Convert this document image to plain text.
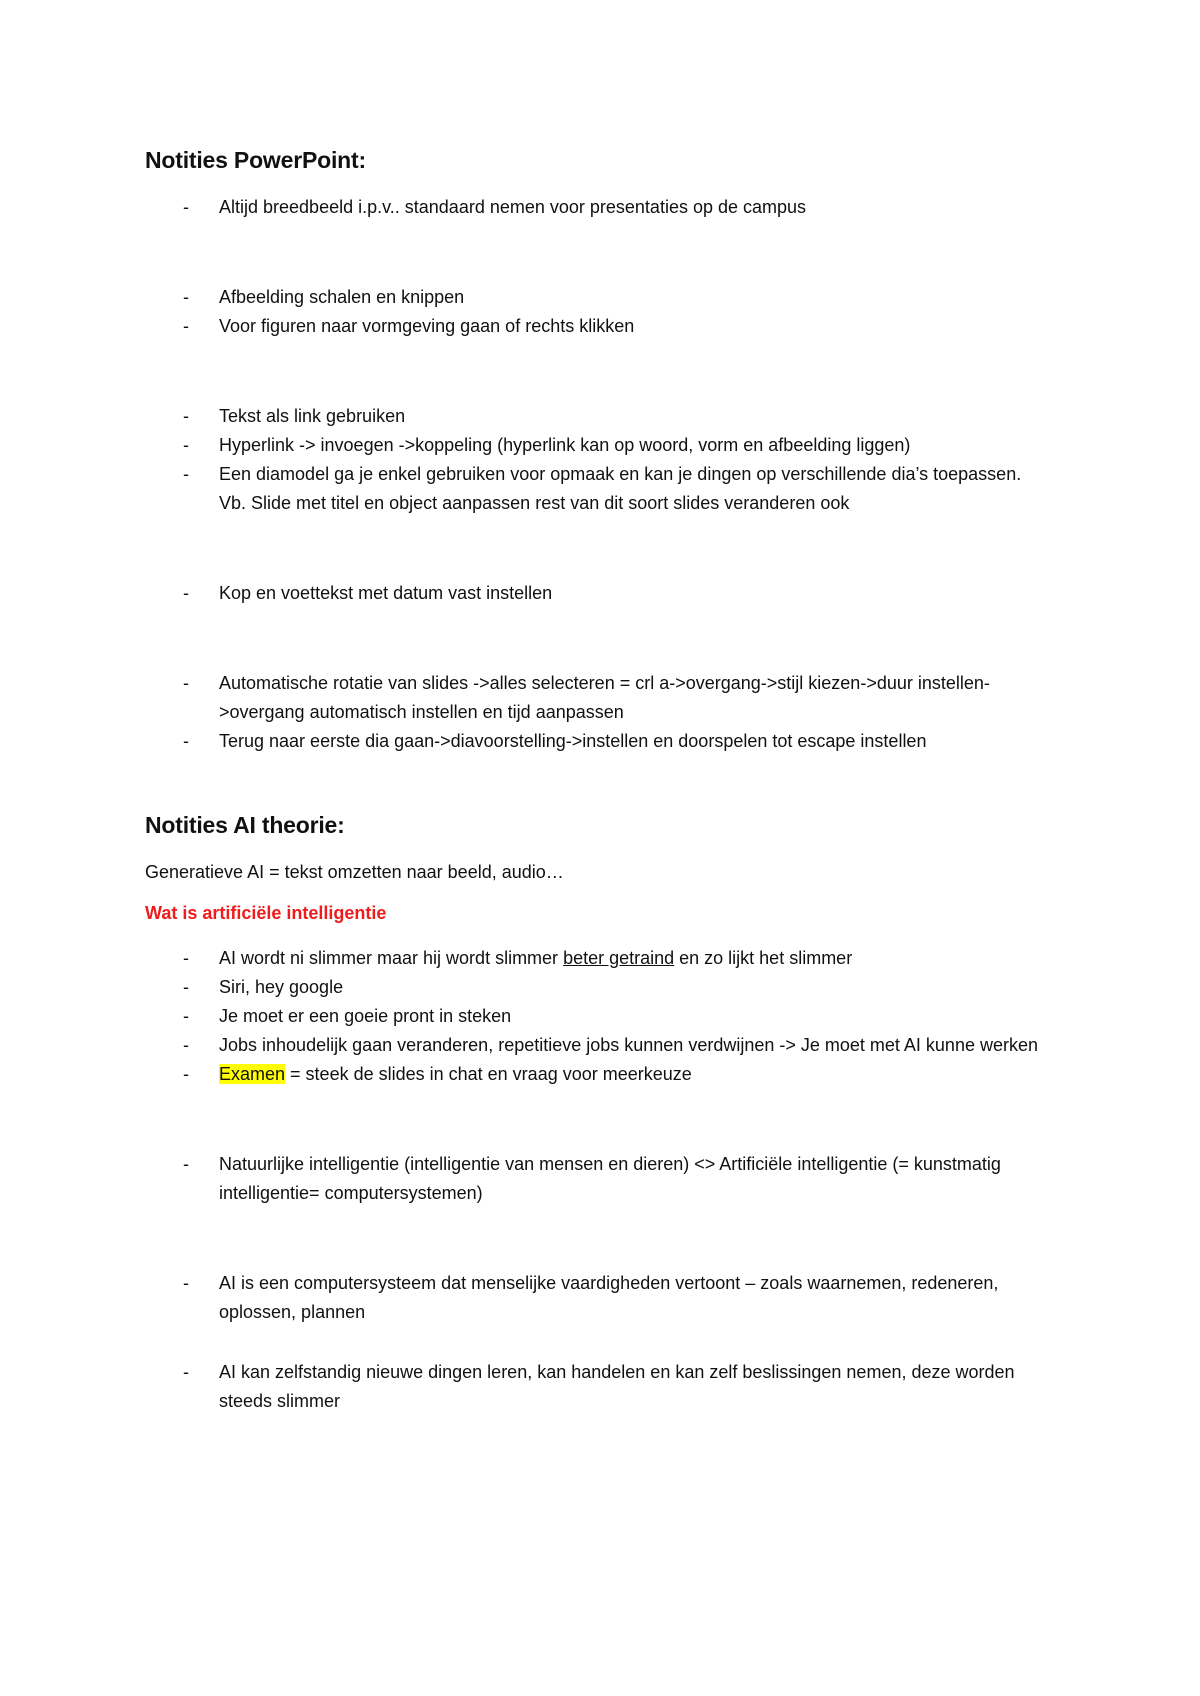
Notities PowerPoint:
- Altijd breedbeeld i.p.v.. standaard nemen voor presentaties op de campus
- Afbeelding schalen en knippen
- Voor figuren naar vormgeving gaan of rechts klikken
- Tekst als link gebruiken
- Hyperlink -> invoegen ->koppeling (hyperlink kan op woord, vorm en afbeelding liggen)
- Een diamodel ga je enkel gebruiken voor opmaak en kan je dingen op verschillende dia’s toepassen. Vb. Slide met titel en object aanpassen rest van dit soort slides veranderen ook
- Kop en voettekst met datum vast instellen
- Automatische rotatie van slides ->alles selecteren = crl a->overgang->stijl kiezen->duur instellen->overgang automatisch instellen en tijd aanpassen
- Terug naar eerste dia gaan->diavoorstelling->instellen en doorspelen tot escape instellen
Notities AI theorie:

Generatieve AI = tekst omzetten naar beeld, audio…

Wat is artificiële intelligentie

- AI wordt ni slimmer maar hij wordt slimmer beter getraind en zo lijkt het slimmer
- Siri, hey google
- Je moet er een goeie pront in steken
- Jobs inhoudelijk gaan veranderen, repetitieve jobs kunnen verdwijnen -> Je moet met AI kunne werken
- Examen = steek de slides in chat en vraag voor meerkeuze
- Natuurlijke intelligentie (intelligentie van mensen en dieren) <> Artificiële intelligentie (= kunstmatig intelligentie= computersystemen)
- AI is een computersysteem dat menselijke vaardigheden vertoont – zoals waarnemen, redeneren, oplossen, plannen
- AI kan zelfstandig nieuwe dingen leren, kan handelen en kan zelf beslissingen nemen, deze worden steeds slimmer
